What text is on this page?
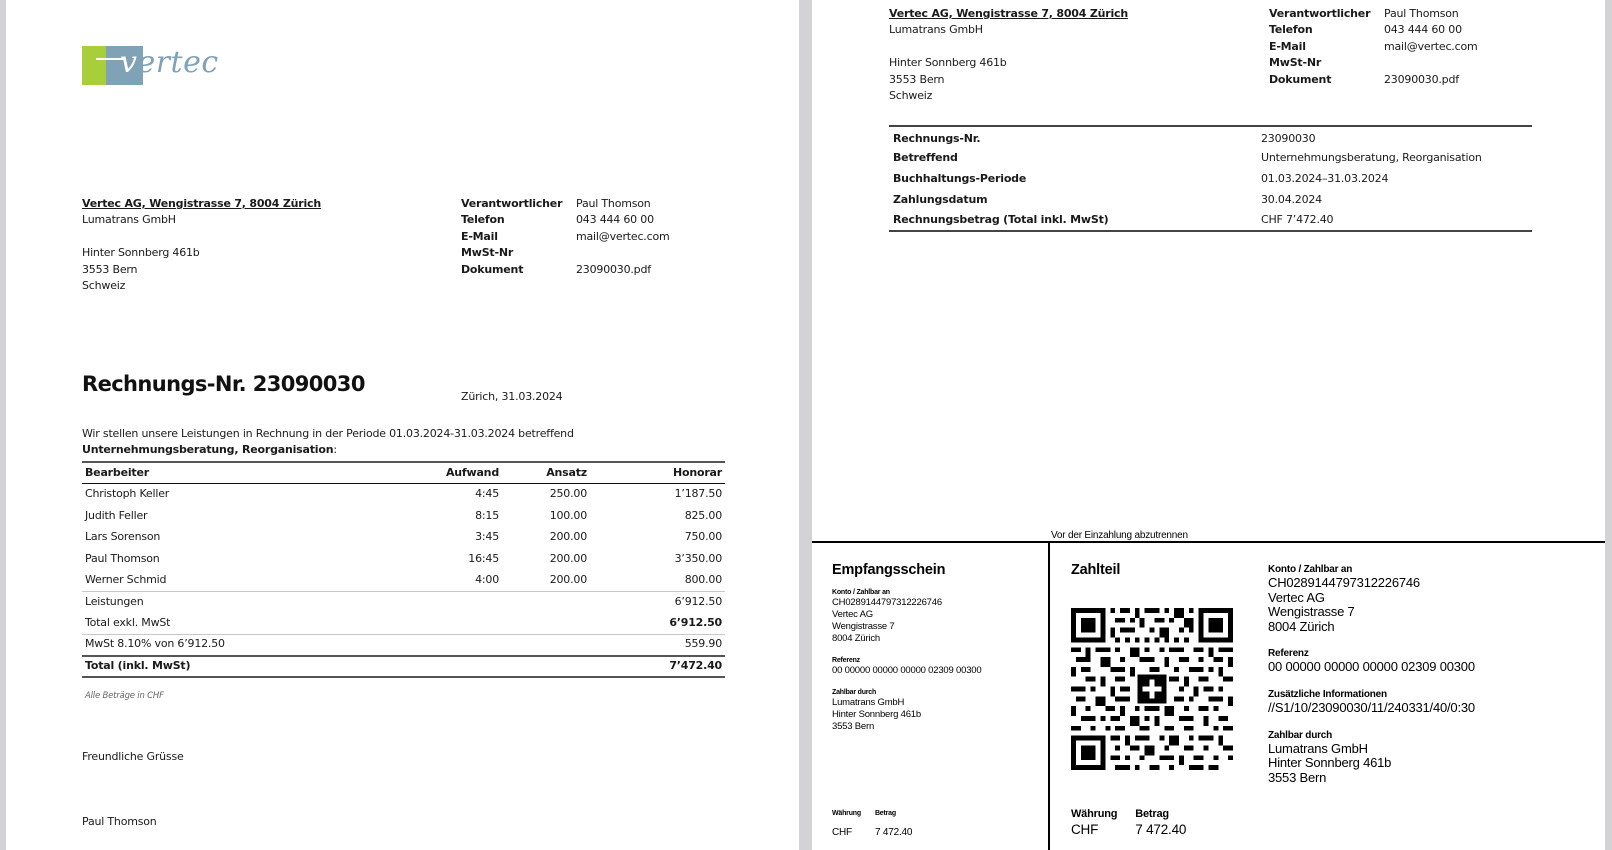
vertec
Vertec AG, Wengistrasse 7, 8004 Zürich
Lumatrans GmbH
Hinter Sonnberg 461b
3553 Bern
Schweiz
Verantwortlicher	Paul Thomson
Telefon	043 444 60 00
E-Mail	mail@vertec.com
MwSt-Nr
Dokument	23090030.pdf
Rechnungs-Nr. 23090030
Zürich, 31.03.2024
Wir stellen unsere Leistungen in Rechnung in der Periode 01.03.2024-31.03.2024 betreffend
Unternehmungsberatung, Reorganisation:
Bearbeiter	Aufwand	Ansatz	Honorar
Christoph Keller	4:45	250.00	1’187.50
Judith Feller	8:15	100.00	825.00
Lars Sorenson	3:45	200.00	750.00
Paul Thomson	16:45	200.00	3’350.00
Werner Schmid	4:00	200.00	800.00
Leistungen			6’912.50
Total exkl. MwSt			6’912.50
MwSt 8.10% von 6’912.50			559.90
Total (inkl. MwSt)			7’472.40
Alle Beträge in CHF
Freundliche Grüsse
Paul Thomson
Vertec AG, Wengistrasse 7, 8004 Zürich
Lumatrans GmbH
Hinter Sonnberg 461b
3553 Bern
Schweiz
Verantwortlicher	Paul Thomson
Telefon	043 444 60 00
E-Mail	mail@vertec.com
MwSt-Nr
Dokument	23090030.pdf
Rechnungs-Nr.	23090030
Betreffend	Unternehmungsberatung, Reorganisation
Buchhaltungs-Periode	01.03.2024–31.03.2024
Zahlungsdatum	30.04.2024
Rechnungsbetrag (Total inkl. MwSt)	CHF 7’472.40
Vor der Einzahlung abzutrennen
Empfangsschein
Konto / Zahlbar an
CH0289144797312226746
Vertec AG
Wengistrasse 7
8004 Zürich
Referenz
00 00000 00000 00000 02309 00300
Zahlbar durch
Lumatrans GmbH
Hinter Sonnberg 461b
3553 Bern
Währung
CHF
Betrag
7 472.40
Zahlteil
Währung
CHF
Betrag
7 472.40
Konto / Zahlbar an
CH0289144797312226746
Vertec AG
Wengistrasse 7
8004 Zürich
Referenz
00 00000 00000 00000 02309 00300
Zusätzliche Informationen
//S1/10/23090030/11/240331/40/0:30
Zahlbar durch
Lumatrans GmbH
Hinter Sonnberg 461b
3553 Bern
